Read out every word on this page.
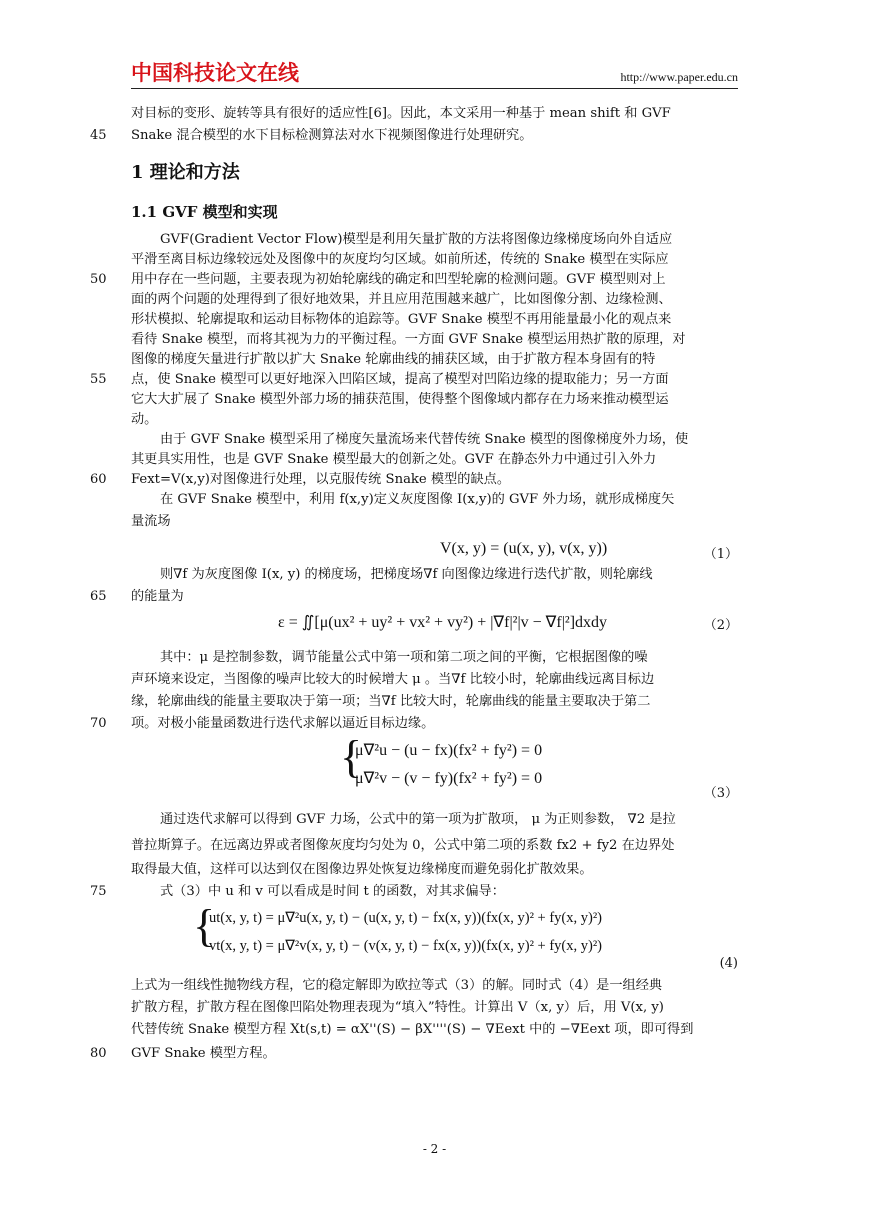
中国科技论文在线	http://www.paper.edu.cn
对目标的变形、旋转等具有很好的适应性[6]。因此，本文采用一种基于 mean shift 和 GVF
Snake 混合模型的水下目标检测算法对水下视频图像进行处理研究。
1 理论和方法
1.1 GVF 模型和实现
GVF(Gradient Vector Flow)模型是利用矢量扩散的方法将图像边缘梯度场向外自适应
平滑至离目标边缘较远处及图像中的灰度均匀区域。如前所述，传统的 Snake 模型在实际应
用中存在一些问题，主要表现为初始轮廓线的确定和凹型轮廓的检测问题。GVF 模型则对上
面的两个问题的处理得到了很好地效果，并且应用范围越来越广，比如图像分割、边缘检测、
形状模拟、轮廓提取和运动目标物体的追踪等。GVF Snake 模型不再用能量最小化的观点来
看待 Snake 模型，而将其视为力的平衡过程。一方面 GVF Snake 模型运用热扩散的原理，对
图像的梯度矢量进行扩散以扩大 Snake 轮廓曲线的捕获区域，由于扩散方程本身固有的特
点，使 Snake 模型可以更好地深入凹陷区域，提高了模型对凹陷边缘的提取能力；另一方面
它大大扩展了 Snake 模型外部力场的捕获范围，使得整个图像域内都存在力场来推动模型运
动。
由于 GVF Snake 模型采用了梯度矢量流场来代替传统 Snake 模型的图像梯度外力场，使
其更具实用性，也是 GVF Snake 模型最大的创新之处。GVF 在静态外力中通过引入外力
Fext=V(x,y)对图像进行处理，以克服传统 Snake 模型的缺点。
在 GVF Snake 模型中，利用 f(x,y)定义灰度图像 I(x,y)的 GVF 外力场，就形成梯度矢
量流场
V(x, y) = (u(x, y), v(x, y))	（1）
则∇f 为灰度图像 I(x, y) 的梯度场，把梯度场∇f 向图像边缘进行迭代扩散，则轮廓线
的能量为
ε = ∬[μ(ux² + uy² + vx² + vy²) + |∇f|²|v − ∇f|²]dxdy	（2）
其中：μ 是控制参数，调节能量公式中第一项和第二项之间的平衡，它根据图像的噪
声环境来设定，当图像的噪声比较大的时候增大 μ 。当∇f 比较小时，轮廓曲线远离目标边
缘，轮廓曲线的能量主要取决于第一项；当∇f 比较大时，轮廓曲线的能量主要取决于第二
项。对极小能量函数进行迭代求解以逼近目标边缘。
{
μ∇²u − (u − fx)(fx² + fy²) = 0
μ∇²v − (v − fy)(fx² + fy²) = 0
（3）
通过迭代求解可以得到 GVF 力场，公式中的第一项为扩散项， μ 为正则参数， ∇2 是拉
普拉斯算子。在远离边界或者图像灰度均匀处为 0，公式中第二项的系数 fx2 + fy2 在边界处
取得最大值，这样可以达到仅在图像边界处恢复边缘梯度而避免弱化扩散效果。
式（3）中 u 和 v 可以看成是时间 t 的函数，对其求偏导：
{
ut(x, y, t) = μ∇²u(x, y, t) − (u(x, y, t) − fx(x, y))(fx(x, y)² + fy(x, y)²)
vt(x, y, t) = μ∇²v(x, y, t) − (v(x, y, t) − fx(x, y))(fx(x, y)² + fy(x, y)²)
(4)
上式为一组线性抛物线方程，它的稳定解即为欧拉等式（3）的解。同时式（4）是一组经典
扩散方程，扩散方程在图像凹陷处物理表现为“填入”特性。计算出 V（x, y）后，用 V(x, y)
代替传统 Snake 模型方程 Xt(s,t) = αX''(S) − βX''''(S) − ∇Eext 中的 −∇Eext 项，即可得到
GVF Snake 模型方程。
45
50
55
60
65
70
75
80
- 2 -
